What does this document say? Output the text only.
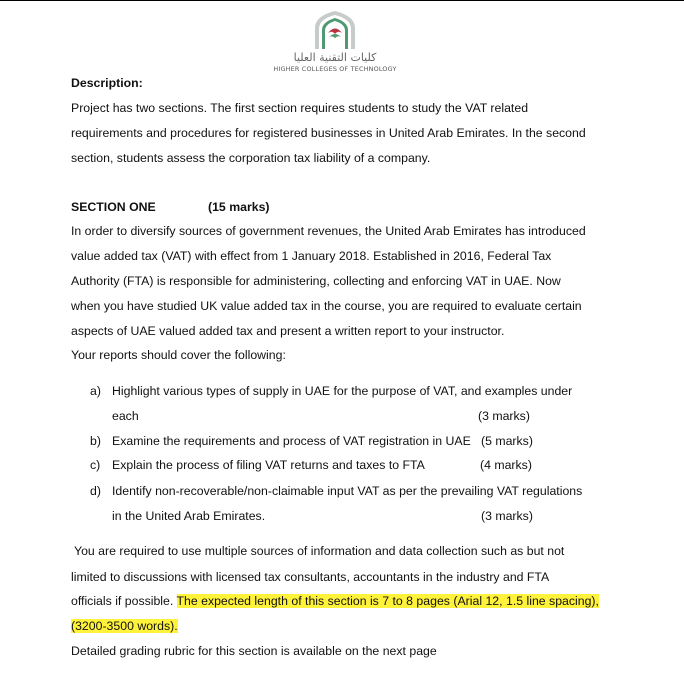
كليات التقنية العليا
HIGHER COLLEGES OF TECHNOLOGY
Description:
Project has two sections. The first section requires students to study the VAT related
requirements and procedures for registered businesses in United Arab Emirates. In the second
section, students assess the corporation tax liability of a company.
SECTION ONE	(15 marks)
In order to diversify sources of government revenues, the United Arab Emirates has introduced
value added tax (VAT) with effect from 1 January 2018. Established in 2016, Federal Tax
Authority (FTA) is responsible for administering, collecting and enforcing VAT in UAE. Now
when you have studied UK value added tax in the course, you are required to evaluate certain
aspects of UAE valued added tax and present a written report to your instructor.
Your reports should cover the following:
a) Highlight various types of supply in UAE for the purpose of VAT, and examples under
each	(3 marks)
b) Examine the requirements and process of VAT registration in UAE (5 marks)
c) Explain the process of filing VAT returns and taxes to FTA	(4 marks)
d) Identify non-recoverable/non-claimable input VAT as per the prevailing VAT regulations
in the United Arab Emirates.	(3 marks)
You are required to use multiple sources of information and data collection such as but not
limited to discussions with licensed tax consultants, accountants in the industry and FTA
officials if possible. The expected length of this section is 7 to 8 pages (Arial 12, 1.5 line spacing),
(3200-3500 words).
Detailed grading rubric for this section is available on the next page
